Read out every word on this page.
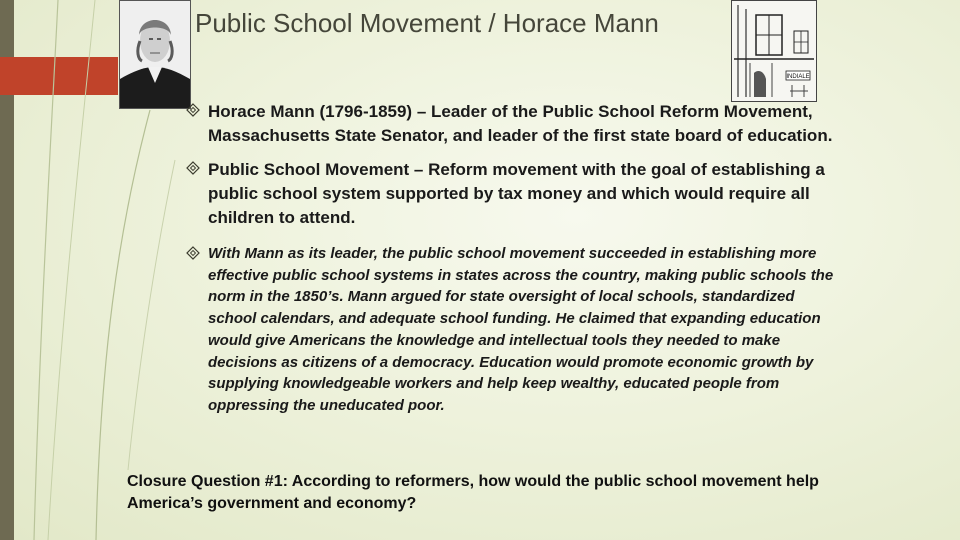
INDIALE
Public School Movement / Horace Mann
Horace Mann (1796-1859) – Leader of the Public School Reform Movement, Massachusetts State Senator, and leader of the first state board of education.
Public School Movement – Reform movement with the goal of establishing a public school system supported by tax money and which would require all children to attend.
With Mann as its leader, the public school movement succeeded in establishing more effective public school systems in states across the country, making public schools the norm in the 1850’s. Mann argued for state oversight of local schools, standardized school calendars, and adequate school funding. He claimed that expanding education would give Americans the knowledge and intellectual tools they needed to make decisions as citizens of a democracy. Education would promote economic growth by supplying knowledgeable workers and help keep wealthy, educated people from oppressing the uneducated poor.
Closure Question #1: According to reformers, how would the public school movement help America’s government and economy?
